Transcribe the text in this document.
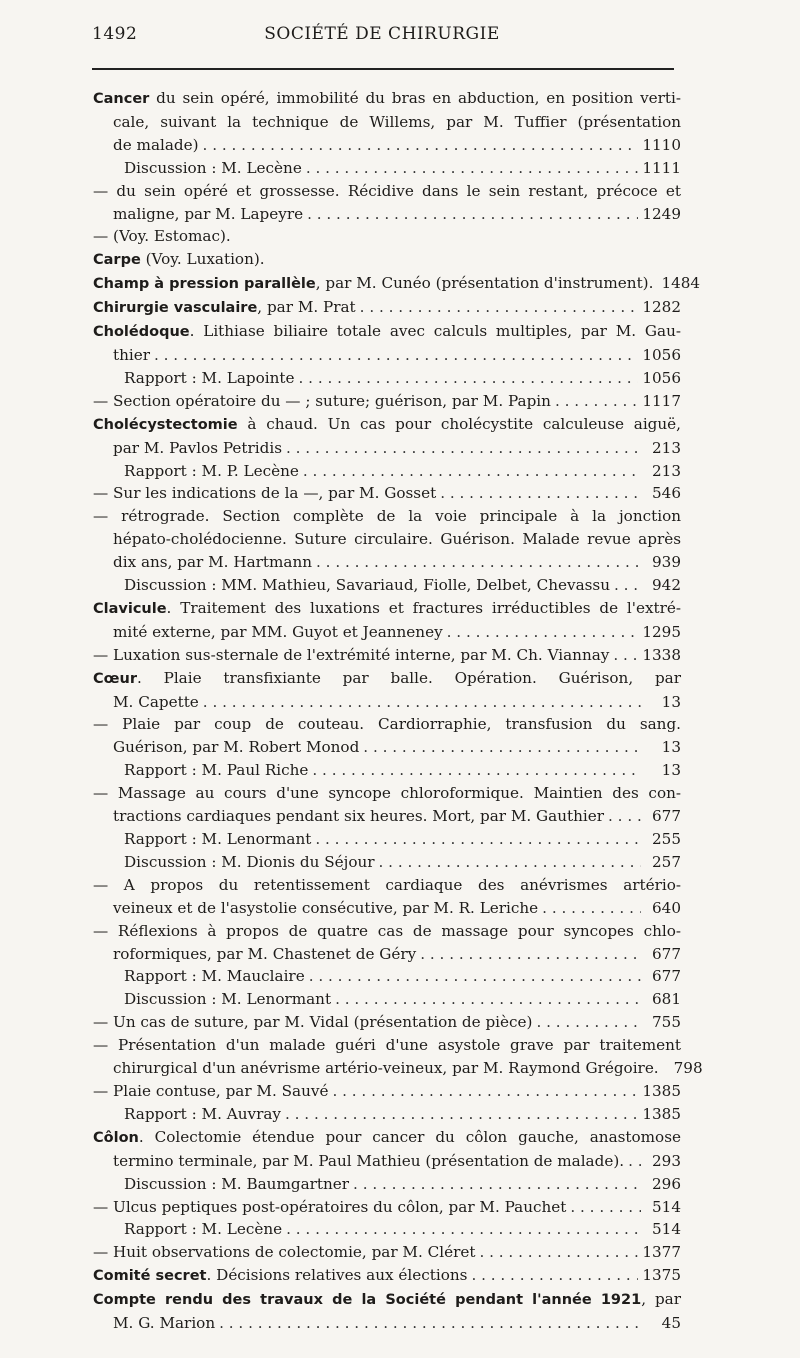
1492	SOCIÉTÉ DE CHIRURGIE
Cancer du sein opéré, immobilité du bras en abduction, en position verti-
cale, suivant la technique de Willems, par M. Tuffier (présentation
de malade) . . .	1110
Discussion : M. Lecène . . .	1111
— du sein opéré et grossesse. Récidive dans le sein restant, précoce et
maligne, par M. Lapeyre . . .	1249
— (Voy. Estomac).
Carpe (Voy. Luxation).
Champ à pression parallèle, par M. Cunéo (présentation d'instrument). 1484
Chirurgie vasculaire, par M. Prat . . .	1282
Cholédoque. Lithiase biliaire totale avec calculs multiples, par M. Gau-
thier . . .	1056
Rapport : M. Lapointe . . .	1056
— Section opératoire du — ; suture; guérison, par M. Papin . . .	1117
Cholécystectomie à chaud. Un cas pour cholécystite calculeuse aiguë,
par M. Pavlos Petridis . . .	213
Rapport : M. P. Lecène . . .	213
— Sur les indications de la —, par M. Gosset . . .	546
— rétrograde. Section complète de la voie principale à la jonction
hépato-cholédocienne. Suture circulaire. Guérison. Malade revue après
dix ans, par M. Hartmann . . .	939
Discussion : MM. Mathieu, Savariaud, Fiolle, Delbet, Chevassu . . .	942
Clavicule. Traitement des luxations et fractures irréductibles de l'extré-
mité externe, par MM. Guyot et Jeanneney . . .	1295
— Luxation sus-sternale de l'extrémité interne, par M. Ch. Viannay . . . 1338
Cœur. Plaie transfixiante par balle. Opération. Guérison, par
M. Capette . . .	13
— Plaie par coup de couteau. Cardiorraphie, transfusion du sang.
Guérison, par M. Robert Monod . . .	13
Rapport : M. Paul Riche . . .	13
— Massage au cours d'une syncope chloroformique. Maintien des con-
tractions cardiaques pendant six heures. Mort, par M. Gauthier . . .	677
Rapport : M. Lenormant . . .	255
Discussion : M. Dionis du Séjour . . .	257
— A propos du retentissement cardiaque des anévrismes artério-
veineux et de l'asystolie consécutive, par M. R. Leriche . . .	640
— Réflexions à propos de quatre cas de massage pour syncopes chlo-
roformiques, par M. Chastenet de Géry . . .	677
Rapport : M. Mauclaire . . .	677
Discussion : M. Lenormant . . .	681
— Un cas de suture, par M. Vidal (présentation de pièce) . . .	755
— Présentation d'un malade guéri d'une asystole grave par traitement
chirurgical d'un anévrisme artério-veineux, par M. Raymond Grégoire. 798
— Plaie contuse, par M. Sauvé . . .	1385
Rapport : M. Auvray . . .	1385
Côlon. Colectomie étendue pour cancer du côlon gauche, anastomose
termino terminale, par M. Paul Mathieu (présentation de malade). . . .	293
Discussion : M. Baumgartner . . .	296
— Ulcus peptiques post-opératoires du côlon, par M. Pauchet . . .	514
Rapport : M. Lecène . . .	514
— Huit observations de colectomie, par M. Cléret . . .	1377
Comité secret. Décisions relatives aux élections . . .	1375
Compte rendu des travaux de la Société pendant l'année 1921, par
M. G. Marion . . .	45
